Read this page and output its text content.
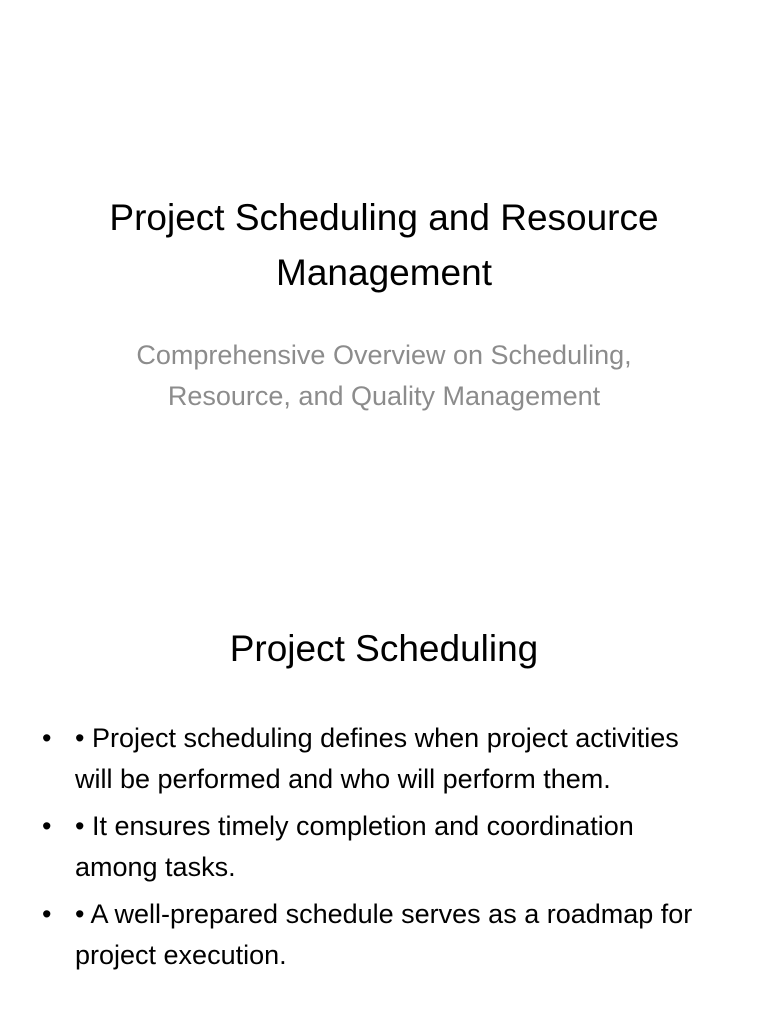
Project Scheduling and Resource Management

Comprehensive Overview on Scheduling, Resource, and Quality Management

Project Scheduling
• • Project scheduling defines when project activities will be performed and who will perform them.
• • It ensures timely completion and coordination among tasks.
• • A well-prepared schedule serves as a roadmap for project execution.
